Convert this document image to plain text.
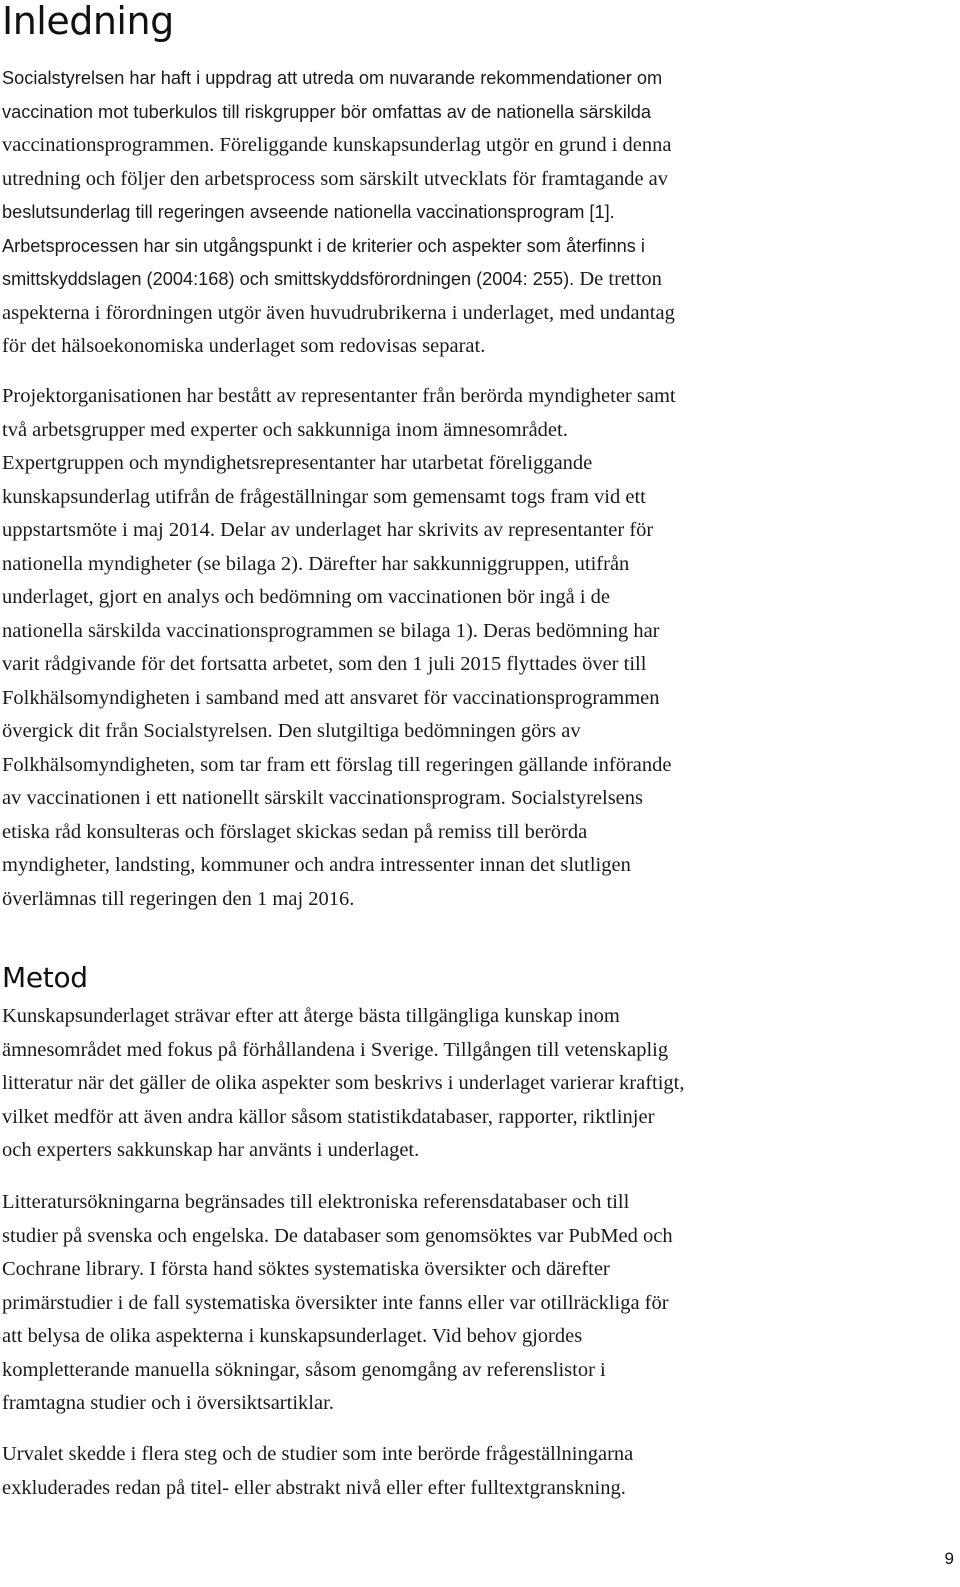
Inledning
Socialstyrelsen har haft i uppdrag att utreda om nuvarande rekommendationer om
vaccination mot tuberkulos till riskgrupper bör omfattas av de nationella särskilda
vaccinationsprogrammen. Föreliggande kunskapsunderlag utgör en grund i denna
utredning och följer den arbetsprocess som särskilt utvecklats för framtagande av
beslutsunderlag till regeringen avseende nationella vaccinationsprogram [1].
Arbetsprocessen har sin utgångspunkt i de kriterier och aspekter som återfinns i
smittskyddslagen (2004:168) och smittskyddsförordningen (2004: 255). De tretton
aspekterna i förordningen utgör även huvudrubrikerna i underlaget, med undantag
för det hälsoekonomiska underlaget som redovisas separat.
Projektorganisationen har bestått av representanter från berörda myndigheter samt
två arbetsgrupper med experter och sakkunniga inom ämnesområdet.
Expertgruppen och myndighetsrepresentanter har utarbetat föreliggande
kunskapsunderlag utifrån de frågeställningar som gemensamt togs fram vid ett
uppstartsmöte i maj 2014. Delar av underlaget har skrivits av representanter för
nationella myndigheter (se bilaga 2). Därefter har sakkunniggruppen, utifrån
underlaget, gjort en analys och bedömning om vaccinationen bör ingå i de
nationella särskilda vaccinationsprogrammen se bilaga 1). Deras bedömning har
varit rådgivande för det fortsatta arbetet, som den 1 juli 2015 flyttades över till
Folkhälsomyndigheten i samband med att ansvaret för vaccinationsprogrammen
övergick dit från Socialstyrelsen. Den slutgiltiga bedömningen görs av
Folkhälsomyndigheten, som tar fram ett förslag till regeringen gällande införande
av vaccinationen i ett nationellt särskilt vaccinationsprogram. Socialstyrelsens
etiska råd konsulteras och förslaget skickas sedan på remiss till berörda
myndigheter, landsting, kommuner och andra intressenter innan det slutligen
överlämnas till regeringen den 1 maj 2016.
Metod
Kunskapsunderlaget strävar efter att återge bästa tillgängliga kunskap inom
ämnesområdet med fokus på förhållandena i Sverige. Tillgången till vetenskaplig
litteratur när det gäller de olika aspekter som beskrivs i underlaget varierar kraftigt,
vilket medför att även andra källor såsom statistikdatabaser, rapporter, riktlinjer
och experters sakkunskap har använts i underlaget.
Litteratursökningarna begränsades till elektroniska referensdatabaser och till
studier på svenska och engelska. De databaser som genomsöktes var PubMed och
Cochrane library. I första hand söktes systematiska översikter och därefter
primärstudier i de fall systematiska översikter inte fanns eller var otillräckliga för
att belysa de olika aspekterna i kunskapsunderlaget. Vid behov gjordes
kompletterande manuella sökningar, såsom genomgång av referenslistor i
framtagna studier och i översiktsartiklar.
Urvalet skedde i flera steg och de studier som inte berörde frågeställningarna
exkluderades redan på titel- eller abstrakt nivå eller efter fulltextgranskning.
9
